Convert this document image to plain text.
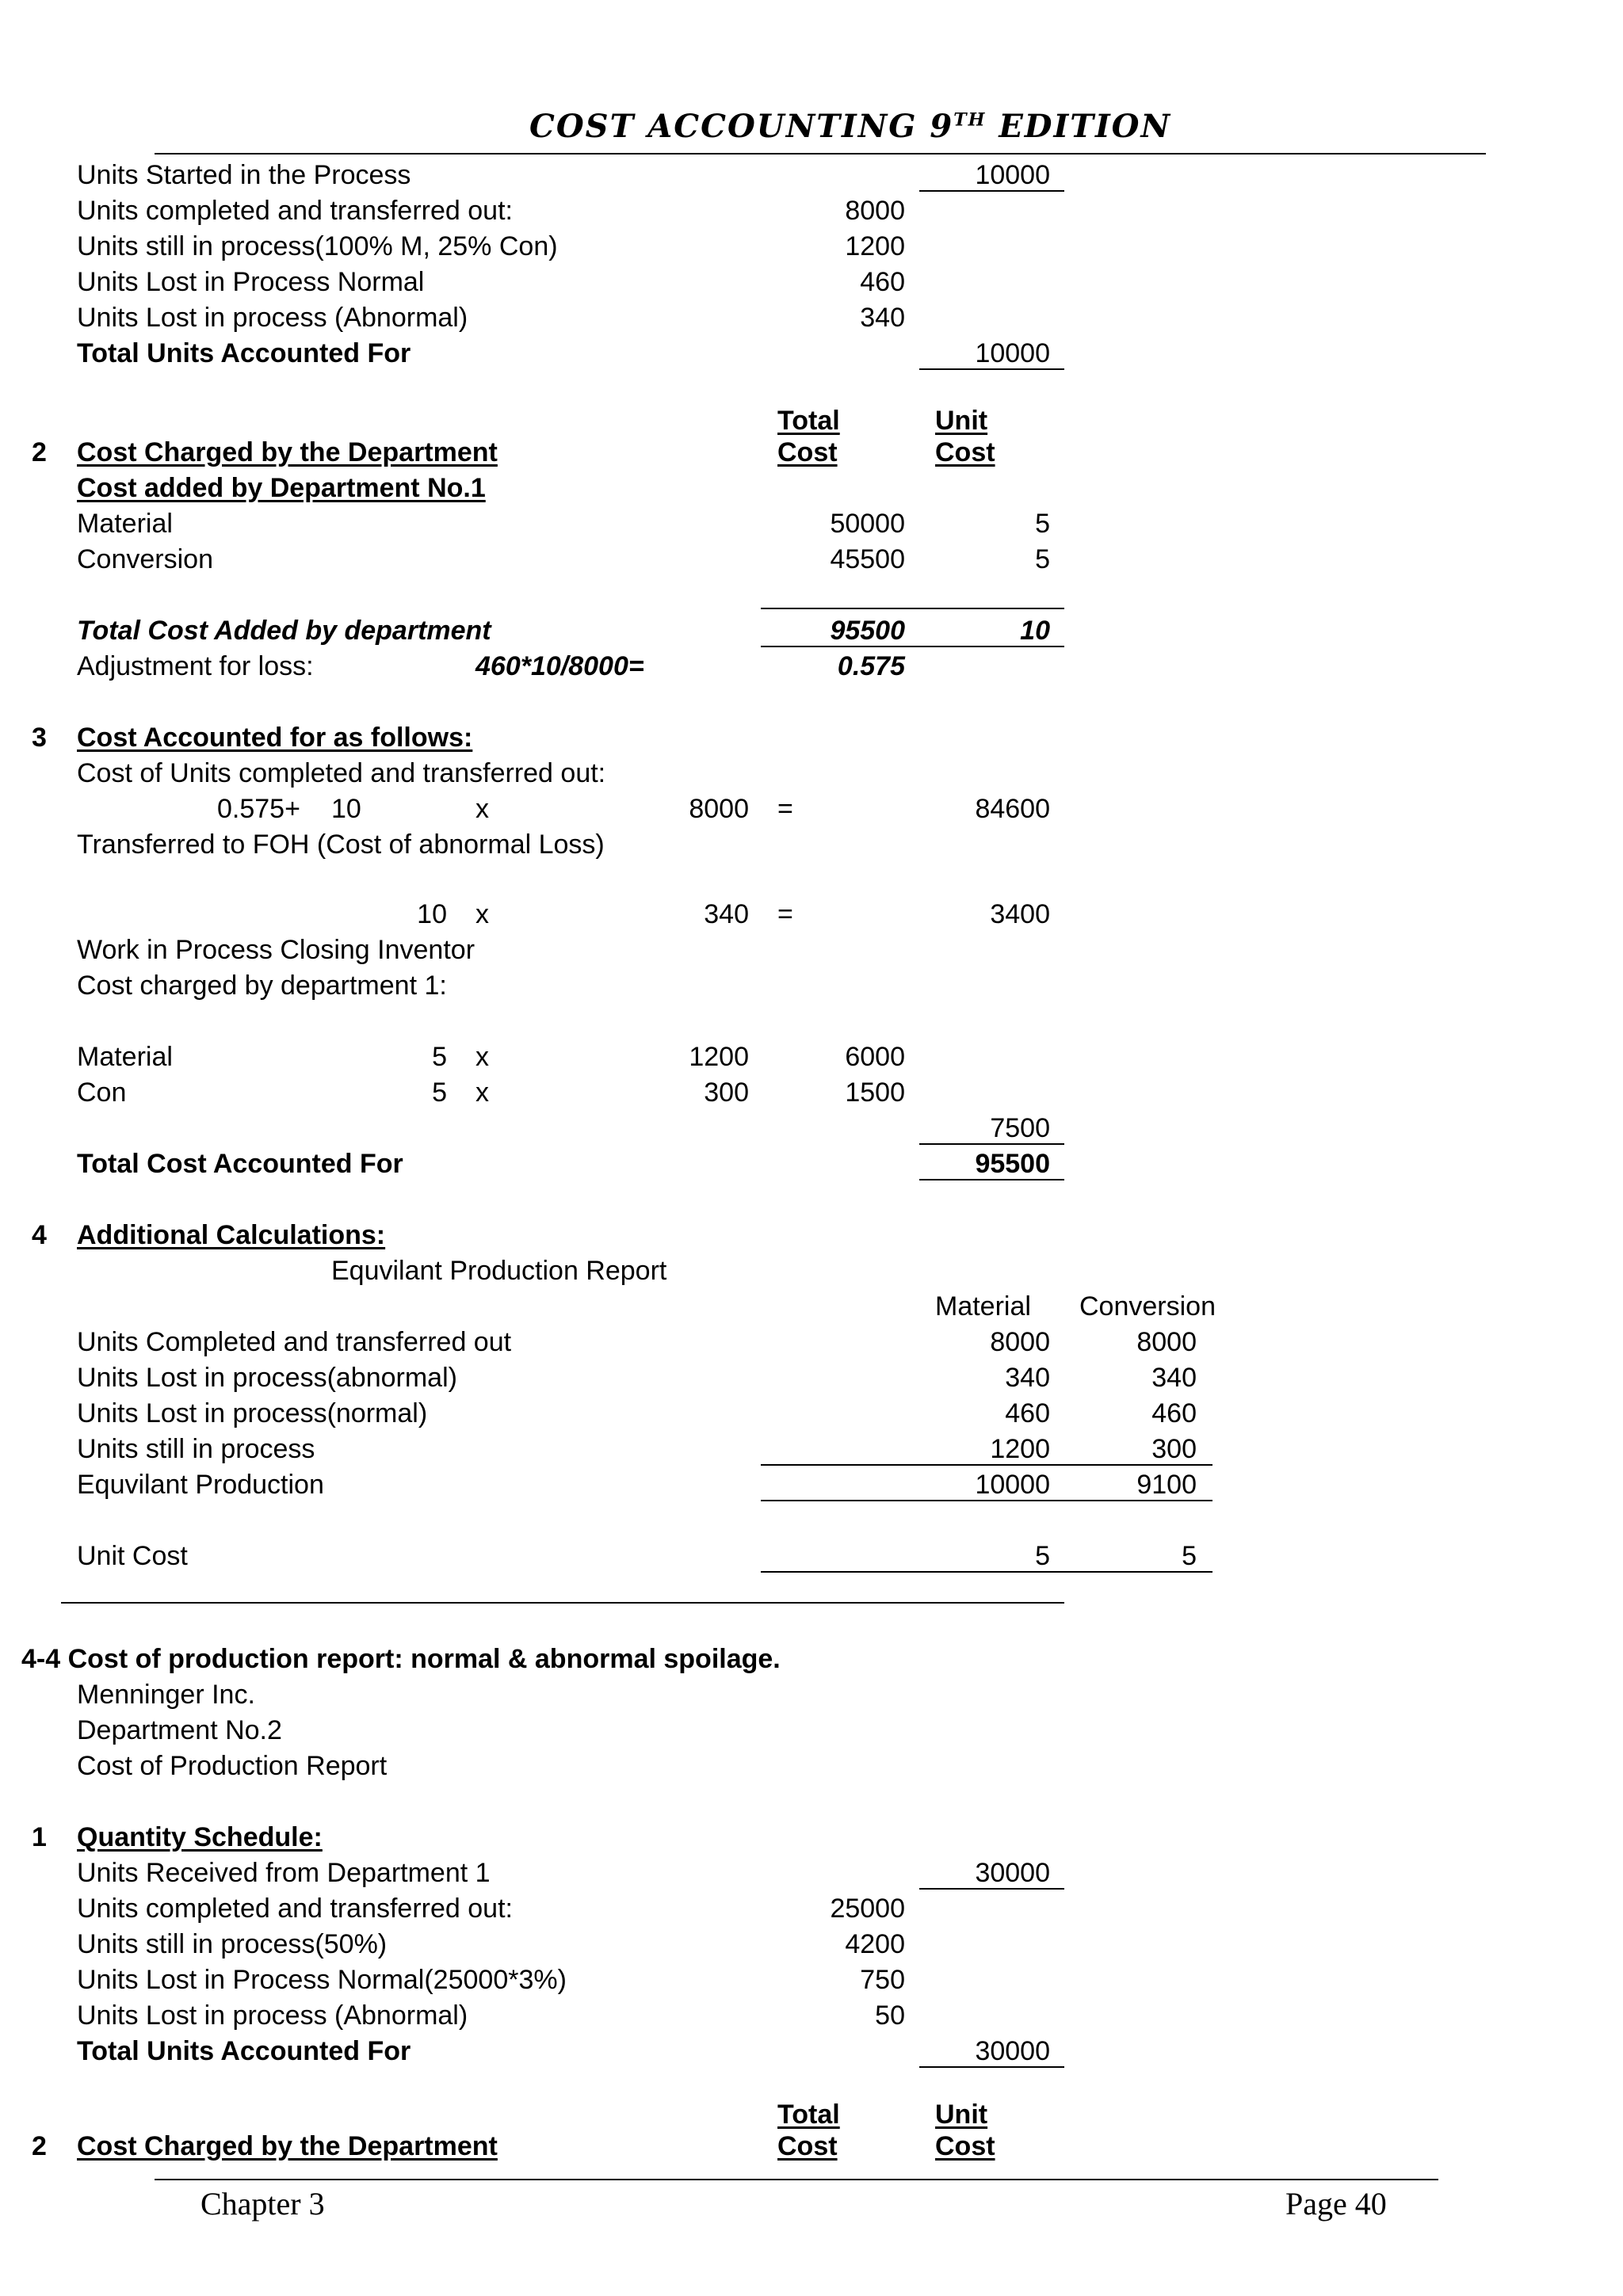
COST ACCOUNTING 9TH EDITION
Units Started in the Process	10000
Units completed and transferred out:	8000
Units still in process(100% M, 25% Con)	1200
Units Lost in Process Normal	460
Units Lost in process (Abnormal)	340
Total Units Accounted For	10000
Total	Unit
2 Cost Charged by the Department	Cost	Cost
Cost added by Department No.1
Material	50000	5
Conversion	45500	5
Total Cost Added by department	95500	10
Adjustment for loss:	460*10/8000=	0.575
3 Cost Accounted for as follows:
Cost of Units completed and transferred out:
0.575+ 10	x	8000 =	84600
Transferred to FOH (Cost of abnormal Loss)
10 x	340 =	3400
Work in Process Closing Inventor
Cost charged by department 1:
Material	5 x	1200	6000
Con	5 x	300	1500
7500
Total Cost Accounted For	95500
4 Additional Calculations:
Equvilant Production Report
Material Conversion
Units Completed and transferred out	8000	8000
Units Lost in process(abnormal)	340	340
Units Lost in process(normal)	460	460
Units still in process	1200	300
Equvilant Production	10000	9100
Unit Cost	5	5
4-4 Cost of production report: normal & abnormal spoilage.
Menninger Inc.
Department No.2
Cost of Production Report
1 Quantity Schedule:
Units Received from Department 1	30000
Units completed and transferred out:	25000
Units still in process(50%)	4200
Units Lost in Process Normal(25000*3%)	750
Units Lost in process (Abnormal)	50
Total Units Accounted For	30000
Total	Unit
2 Cost Charged by the Department	Cost	Cost
Chapter 3	Page 40
